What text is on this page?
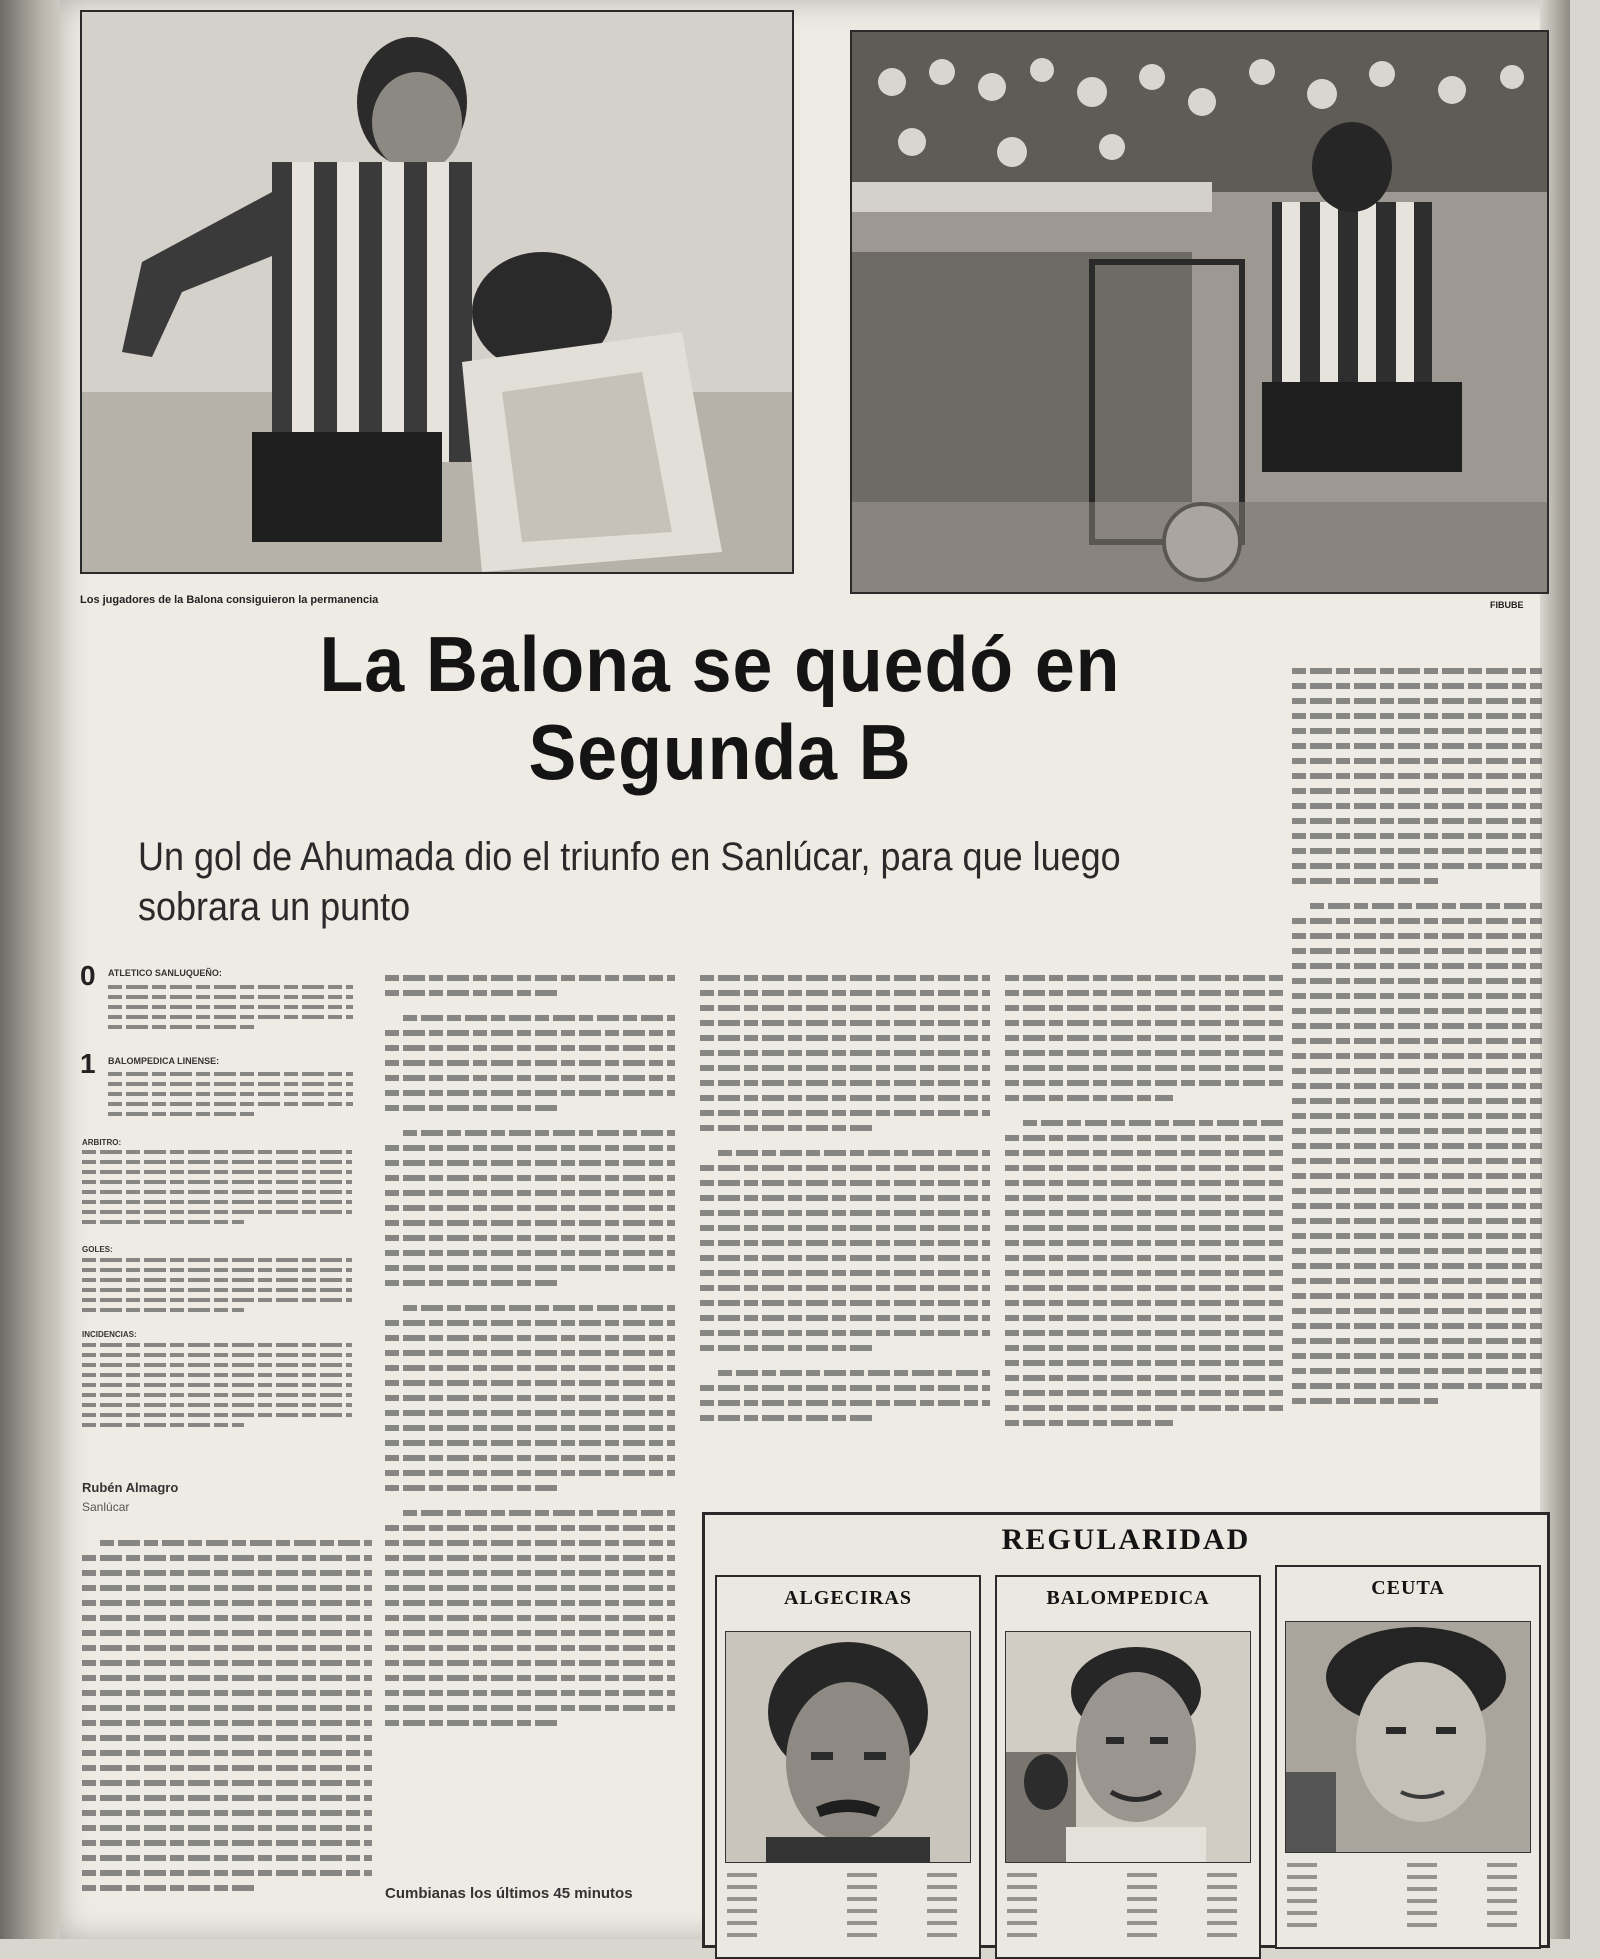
Los jugadores de la Balona consiguieron la permanencia	FIBUBE
La Balona se quedó en
Segunda B
Un gol de Ahumada dio el triunfo en Sanlúcar, para que luego sobrara un punto
0 ATLETICO SANLUQUEÑO:
1 BALOMPEDICA LINENSE:
ARBITRO:
GOLES:
INCIDENCIAS:
Rubén Almagro
Sanlúcar
Cumbianas los últimos 45 minutos
REGULARIDAD
ALGECIRAS	BALOMPEDICA	CEUTA
